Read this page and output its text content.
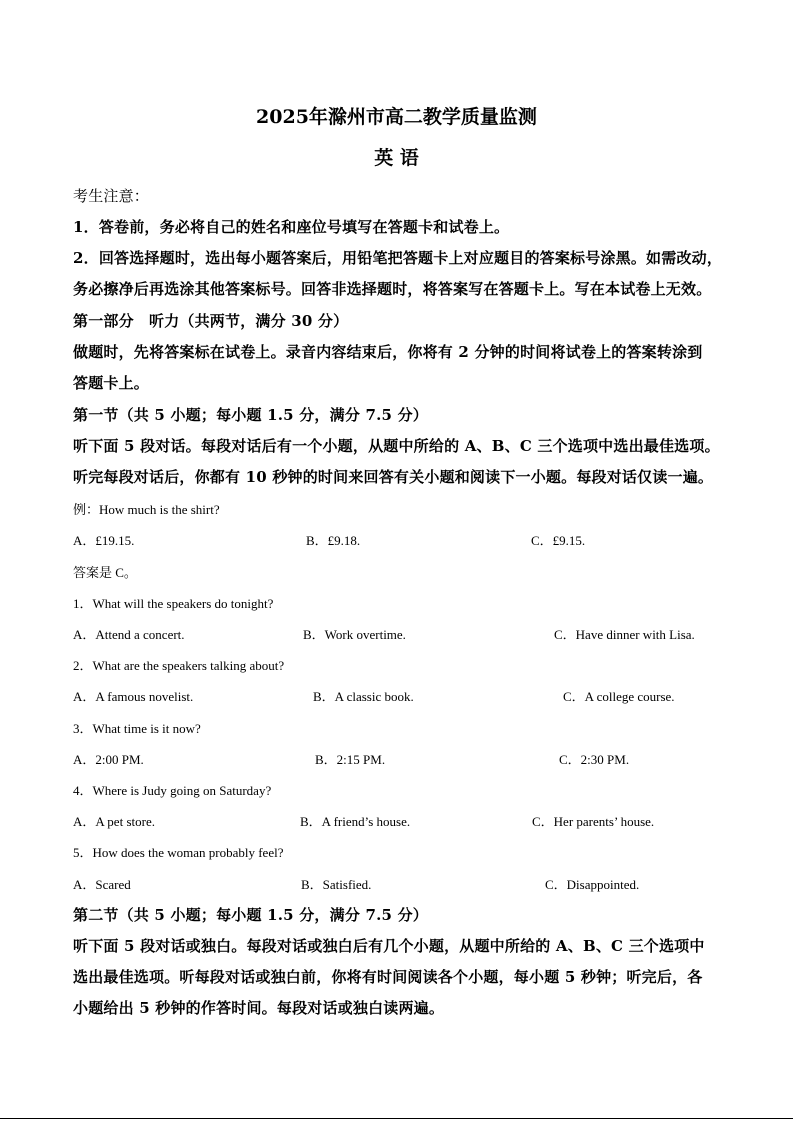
2025年滁州市高二教学质量监测
英 语
考生注意：
1．答卷前，务必将自己的姓名和座位号填写在答题卡和试卷上。
2．回答选择题时，选出每小题答案后，用铅笔把答题卡上对应题目的答案标号涂黑。如需改动，
务必擦净后再选涂其他答案标号。回答非选择题时，将答案写在答题卡上。写在本试卷上无效。
第一部分　听力（共两节，满分 30 分）
做题时，先将答案标在试卷上。录音内容结束后，你将有 2 分钟的时间将试卷上的答案转涂到
答题卡上。
第一节（共 5 小题；每小题 1.5 分，满分 7.5 分）
听下面 5 段对话。每段对话后有一个小题，从题中所给的 A、B、C 三个选项中选出最佳选项。
听完每段对话后，你都有 10 秒钟的时间来回答有关小题和阅读下一小题。每段对话仅读一遍。
例：How much is the shirt?
A．£19.15.	B．£9.18.	C．£9.15.
答案是 C。
1．What will the speakers do tonight?
A．Attend a concert.	B．Work overtime.	C．Have dinner with Lisa.
2．What are the speakers talking about?
A．A famous novelist.	B．A classic book.	C．A college course.
3．What time is it now?
A．2:00 PM.	B．2:15 PM.	C．2:30 PM.
4．Where is Judy going on Saturday?
A．A pet store.	B．A friend’s house.	C．Her parents’ house.
5．How does the woman probably feel?
A．Scared	B．Satisfied.	C．Disappointed.
第二节（共 5 小题；每小题 1.5 分，满分 7.5 分）
听下面 5 段对话或独白。每段对话或独白后有几个小题，从题中所给的 A、B、C 三个选项中
选出最佳选项。听每段对话或独白前，你将有时间阅读各个小题，每小题 5 秒钟；听完后，各
小题给出 5 秒钟的作答时间。每段对话或独白读两遍。
